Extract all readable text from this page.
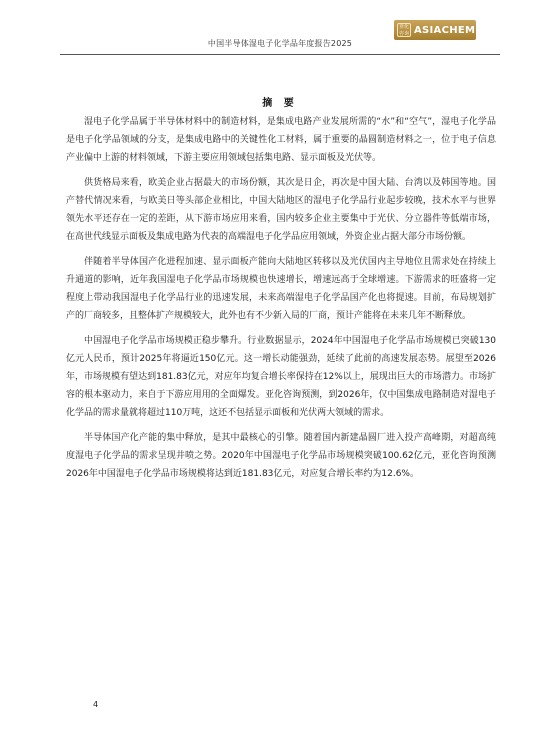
中国半导体湿电子化学品年度报告2025
亚化
咨询 ASIACHEM
摘 要

湿电子化学品属于半导体材料中的制造材料，是集成电路产业发展所需的“水”和“空气”，湿电子化学品是电子化学品领域的分支，是集成电路中的关键性化工材料，属于重要的晶圆制造材料之一，位于电子信息产业偏中上游的材料领域，下游主要应用领域包括集电路、显示面板及光伏等。

供货格局来看，欧美企业占据最大的市场份额，其次是日企，再次是中国大陆、台湾以及韩国等地。国产替代情况来看，与欧美日等头部企业相比，中国大陆地区的湿电子化学品行业起步较晚，技术水平与世界领先水平还存在一定的差距，从下游市场应用来看，国内较多企业主要集中于光伏、分立器件等低端市场，在高世代线显示面板及集成电路为代表的高端湿电子化学品应用领域，外资企业占据大部分市场份额。

伴随着半导体国产化进程加速、显示面板产能向大陆地区转移以及光伏国内主导地位且需求处在持续上升通道的影响，近年我国湿电子化学品市场规模也快速增长，增速远高于全球增速。下游需求的旺盛将一定程度上带动我国湿电子化学品行业的迅速发展，未来高端湿电子化学品国产化也将提速。目前，布局规划扩产的厂商较多，且整体扩产规模较大，此外也有不少新入局的厂商，预计产能将在未来几年不断释放。

中国湿电子化学品市场规模正稳步攀升。行业数据显示，2024年中国湿电子化学品市场规模已突破130亿元人民币，预计2025年将逼近150亿元。这一增长动能强劲，延续了此前的高速发展态势。展望至2026年，市场规模有望达到181.83亿元，对应年均复合增长率保持在12%以上，展现出巨大的市场潜力。市场扩容的根本驱动力，来自于下游应用用的全面爆发。亚化咨询预测，到2026年，仅中国集成电路制造对湿电子化学品的需求量就将超过110万吨，这还不包括显示面板和光伏两大领域的需求。

半导体国产化产能的集中释放，是其中最核心的引擎。随着国内新建晶圆厂进入投产高峰期，对超高纯度湿电子化学品的需求呈现井喷之势。2020年中国湿电子化学品市场规模突破100.62亿元，亚化咨询预测2026年中国湿电子化学品市场规模将达到近181.83亿元，对应复合增长率约为12.6%。

4
